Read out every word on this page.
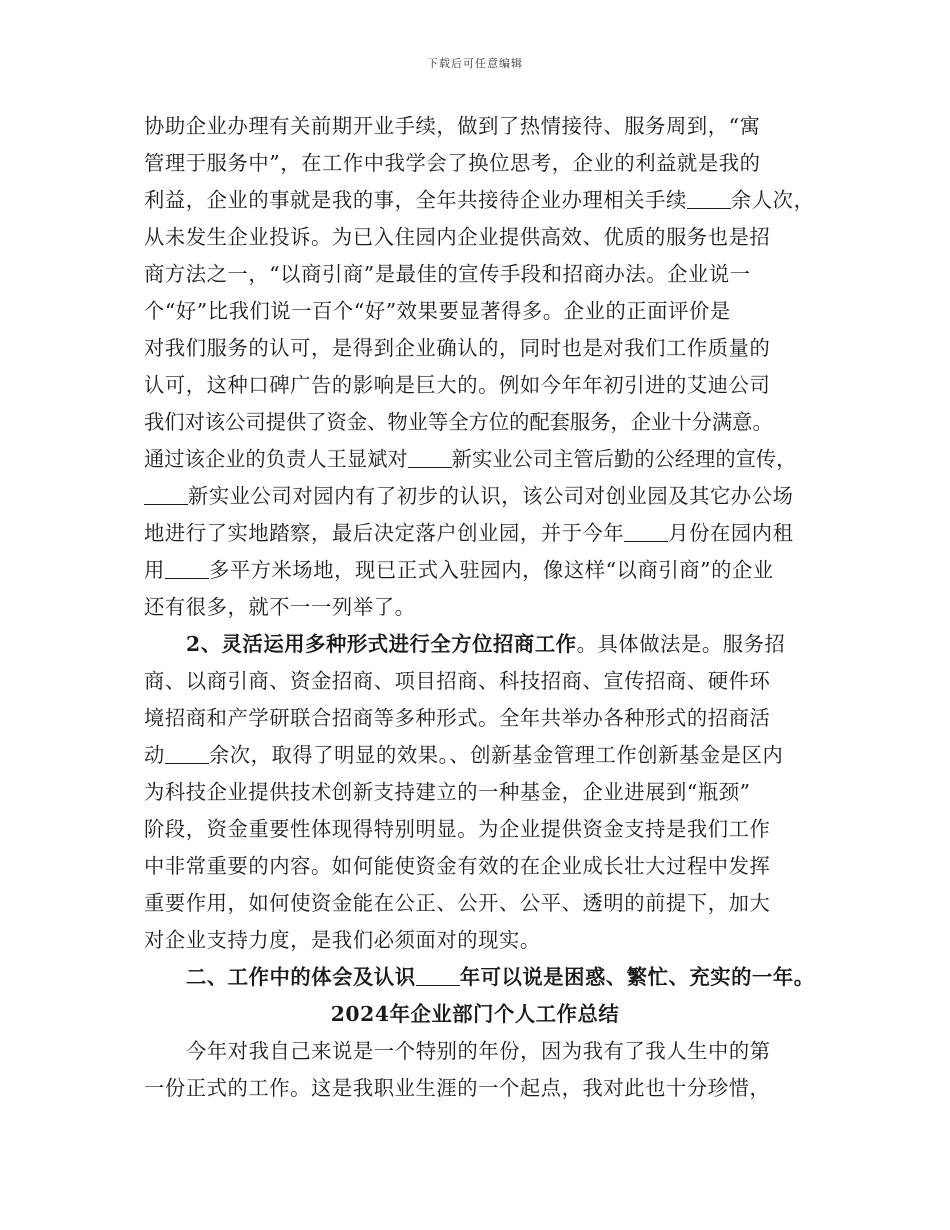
下载后可任意编辑
协助企业办理有关前期开业手续，做到了热情接待、服务周到，“寓
管理于服务中”，在工作中我学会了换位思考，企业的利益就是我的
利益，企业的事就是我的事，全年共接待企业办理相关手续 余人次，
从未发生企业投诉。为已入住园内企业提供高效、优质的服务也是招
商方法之一，“以商引商”是最佳的宣传手段和招商办法。企业说一
个“好”比我们说一百个“好”效果要显著得多。企业的正面评价是
对我们服务的认可，是得到企业确认的，同时也是对我们工作质量的
认可，这种口碑广告的影响是巨大的。例如今年年初引进的艾迪公司
我们对该公司提供了资金、物业等全方位的配套服务，企业十分满意。
通过该企业的负责人王显斌对 新实业公司主管后勤的公经理的宣传，
新实业公司对园内有了初步的认识，该公司对创业园及其它办公场
地进行了实地踏察，最后决定落户创业园，并于今年 月份在园内租
用 多平方米场地，现已正式入驻园内，像这样“以商引商”的企业
还有很多，就不一一列举了。
2、灵活运用多种形式进行全方位招商工作。具体做法是。服务招
商、以商引商、资金招商、项目招商、科技招商、宣传招商、硬件环
境招商和产学研联合招商等多种形式。全年共举办各种形式的招商活
动 余次，取得了明显的效果。、创新基金管理工作创新基金是区内
为科技企业提供技术创新支持建立的一种基金，企业进展到“瓶颈”
阶段，资金重要性体现得特别明显。为企业提供资金支持是我们工作
中非常重要的内容。如何能使资金有效的在企业成长壮大过程中发挥
重要作用，如何使资金能在公正、公开、公平、透明的前提下，加大
对企业支持力度，是我们必须面对的现实。
二、工作中的体会及认识 年可以说是困惑、繁忙、充实的一年。
2024年企业部门个人工作总结
今年对我自己来说是一个特别的年份，因为我有了我人生中的第
一份正式的工作。这是我职业生涯的一个起点，我对此也十分珍惜，
